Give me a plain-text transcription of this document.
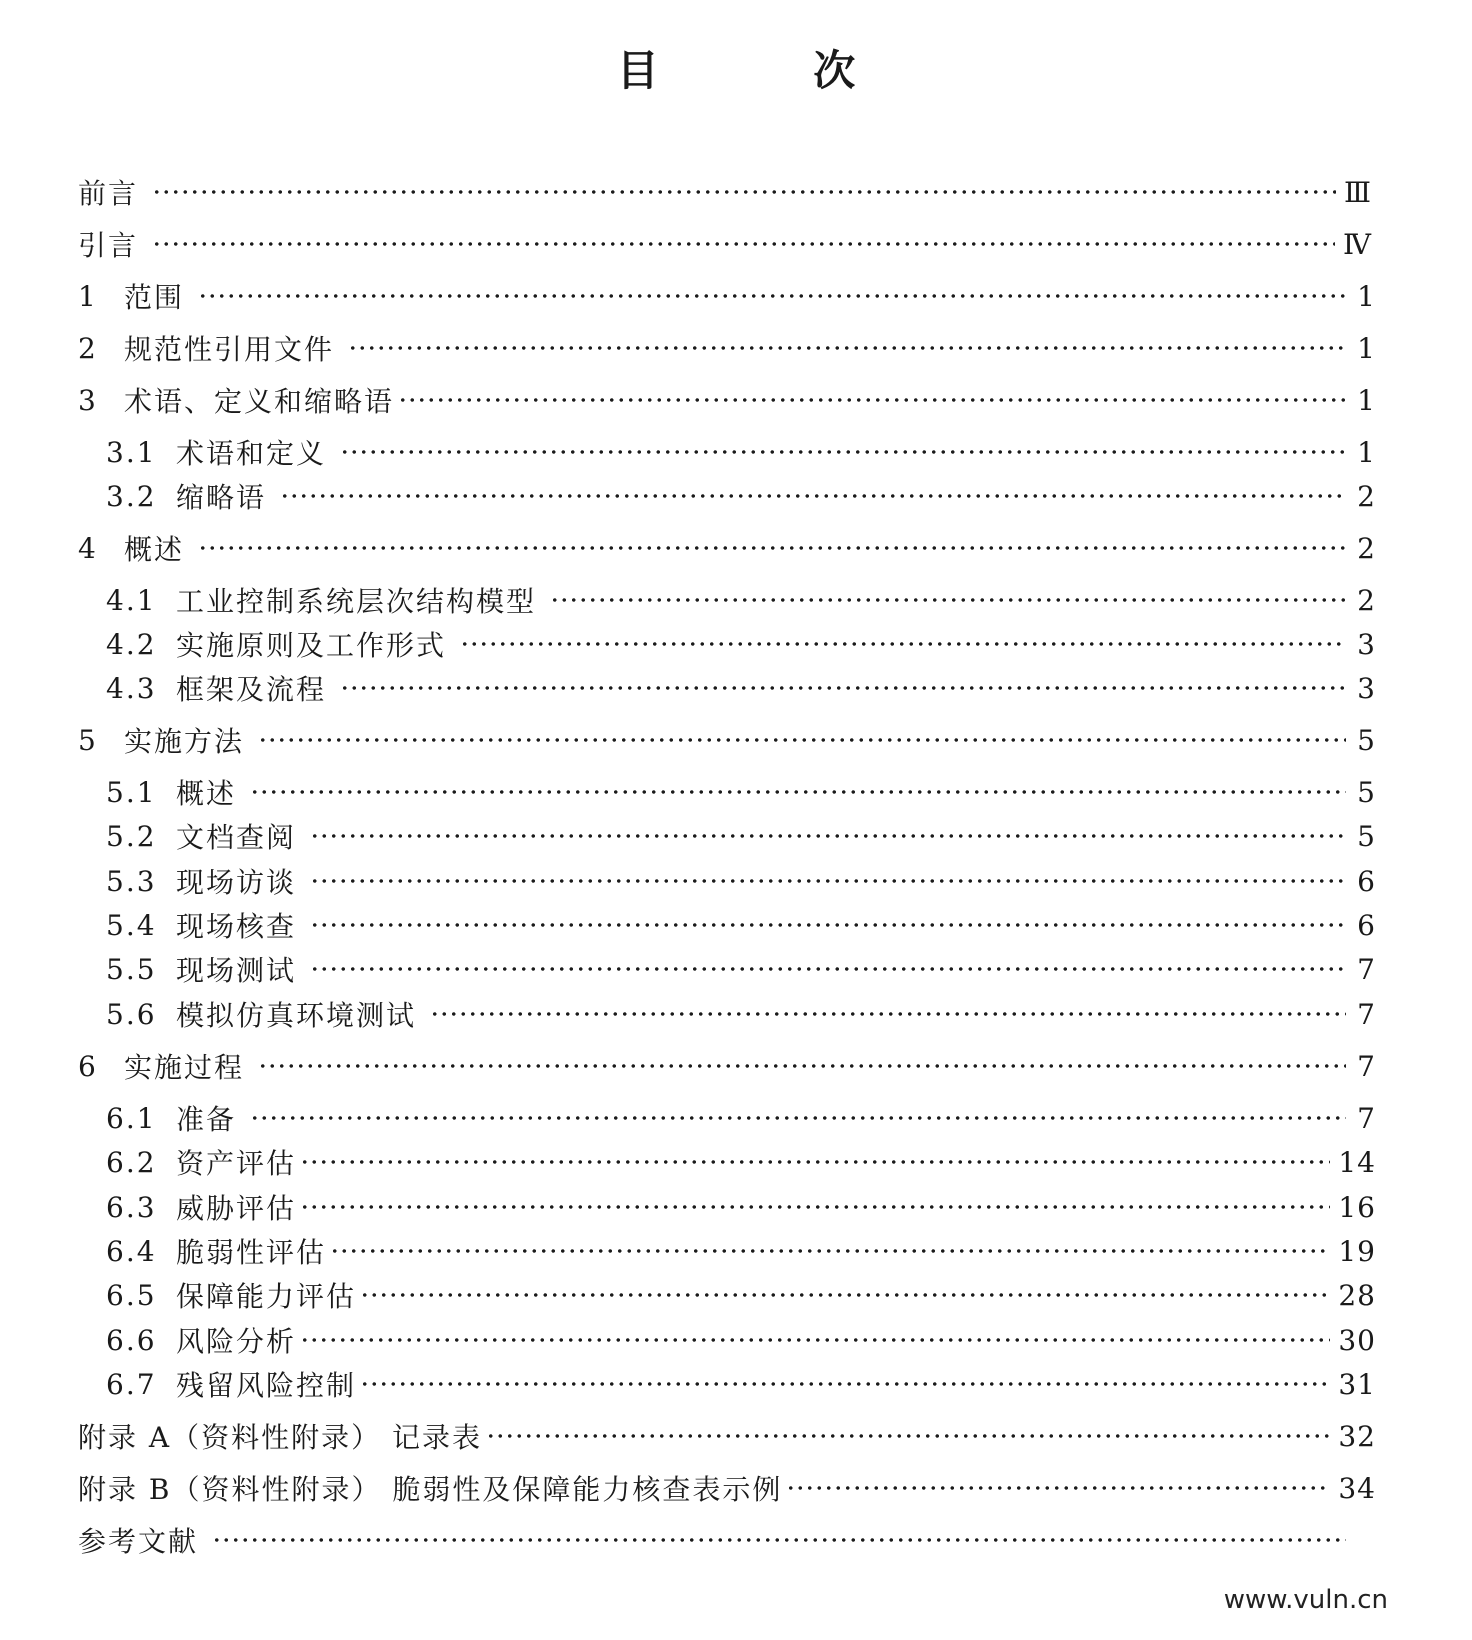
目 次
前言	Ⅲ
引言	Ⅳ
1 范围	1
2 规范性引用文件	1
3 术语、定义和缩略语	1
3.1 术语和定义	1
3.2 缩略语	2
4 概述	2
4.1 工业控制系统层次结构模型	2
4.2 实施原则及工作形式	3
4.3 框架及流程	3
5 实施方法	5
5.1 概述	5
5.2 文档查阅	5
5.3 现场访谈	6
5.4 现场核查	6
5.5 现场测试	7
5.6 模拟仿真环境测试	7
6 实施过程	7
6.1 准备	7
6.2 资产评估	14
6.3 威胁评估	16
6.4 脆弱性评估	19
6.5 保障能力评估	28
6.6 风险分析	30
6.7 残留风险控制	31
附录 A（资料性附录） 记录表	32
附录 B（资料性附录） 脆弱性及保障能力核查表示例	34
参考文献
www.vuln.cn
